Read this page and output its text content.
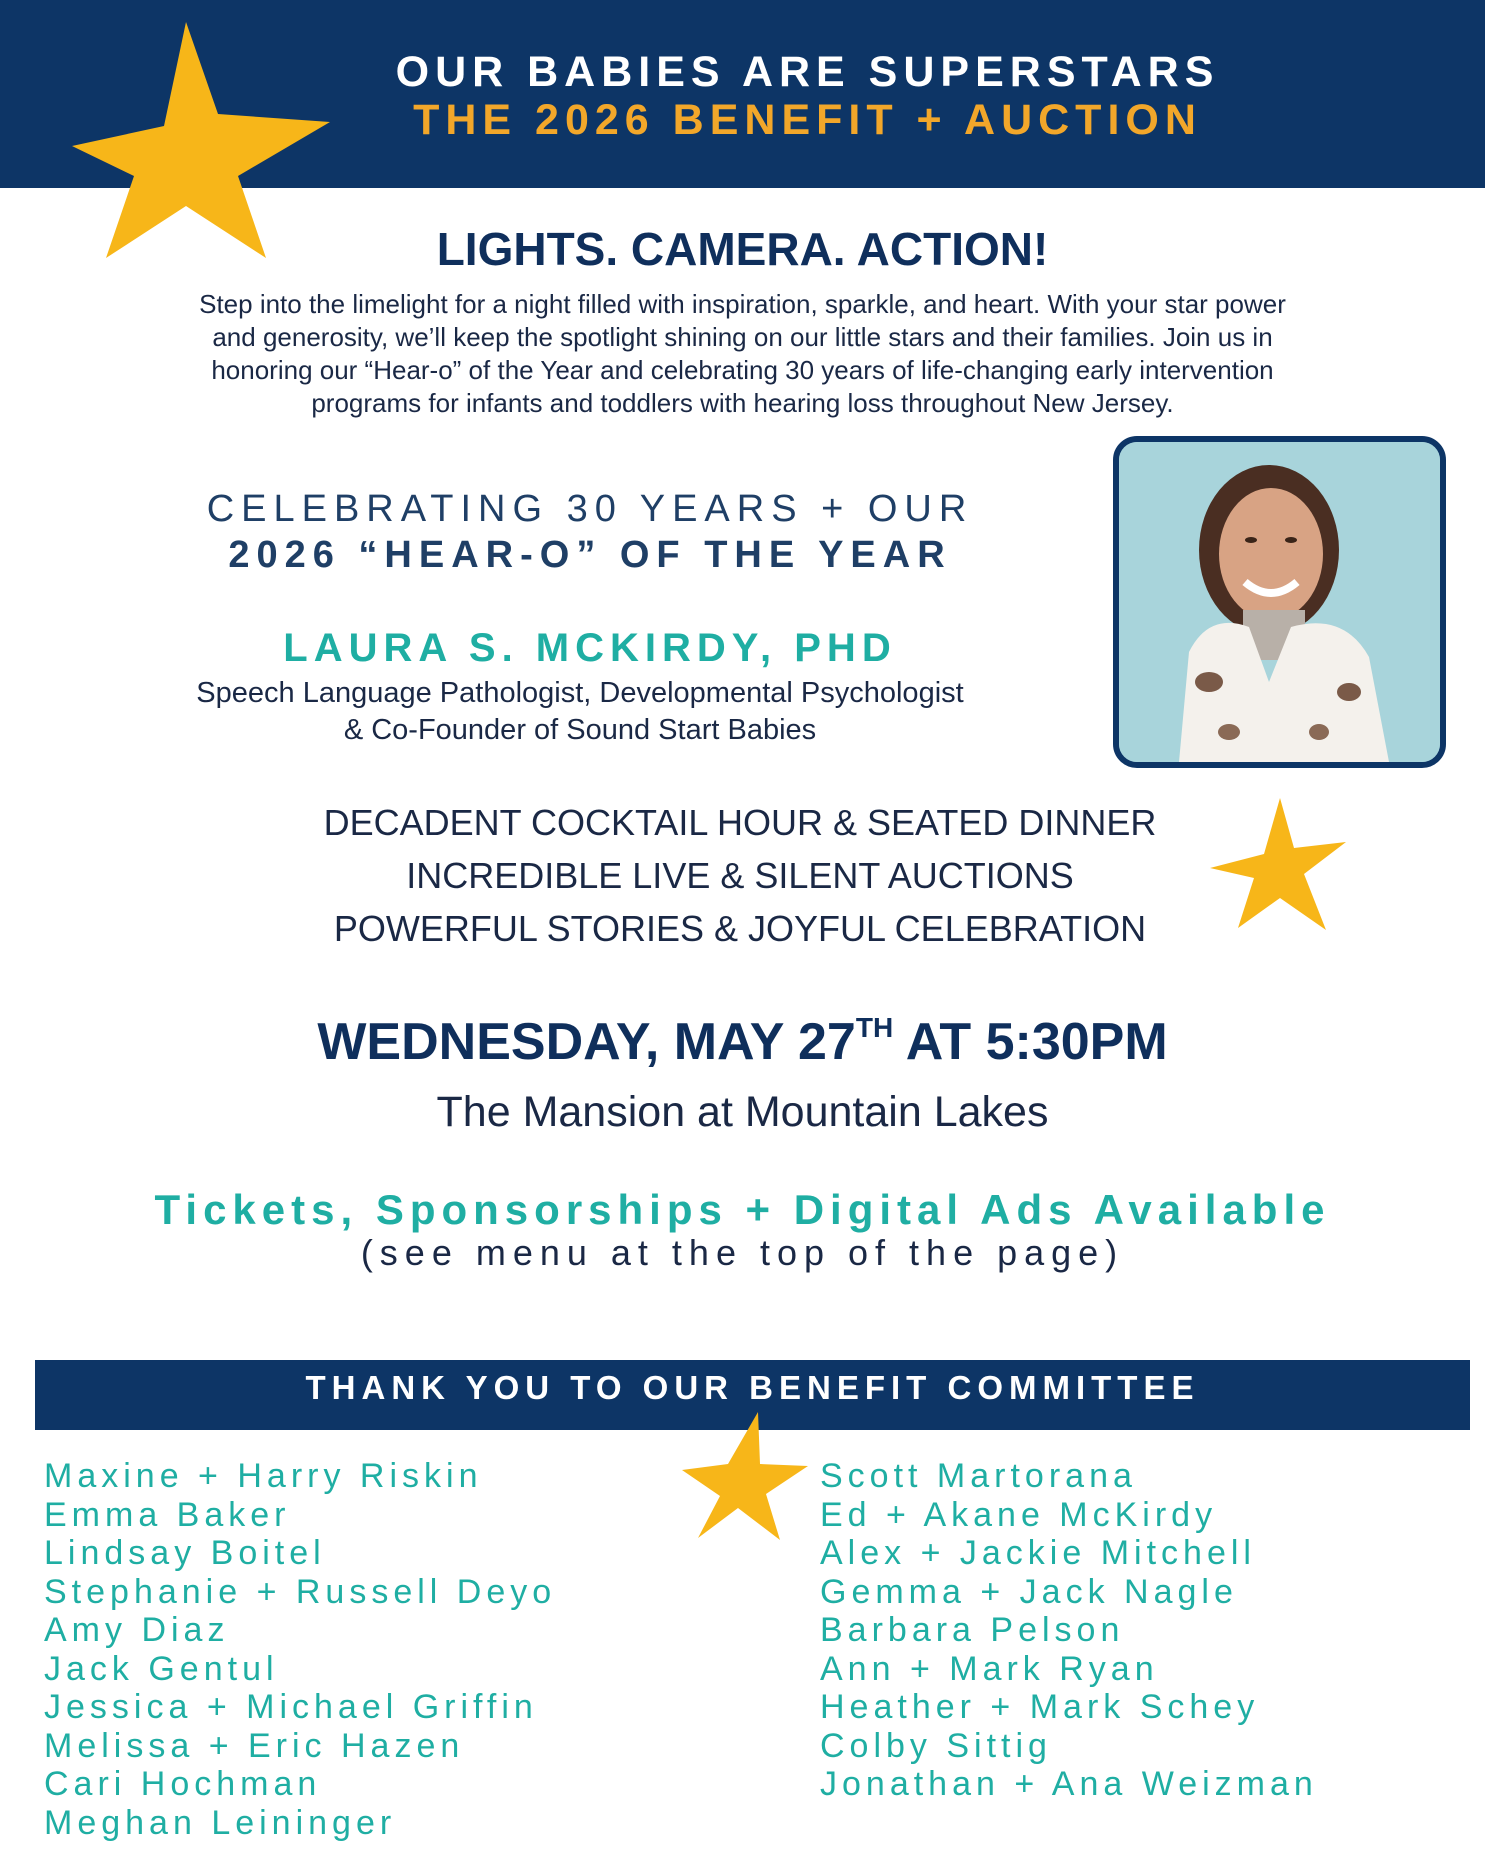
OUR BABIES ARE SUPERSTARS
THE 2026 BENEFIT + AUCTION
LIGHTS. CAMERA. ACTION!
Step into the limelight for a night filled with inspiration, sparkle, and heart. With your star power
and generosity, we’ll keep the spotlight shining on our little stars and their families. Join us in
honoring our “Hear-o” of the Year and celebrating 30 years of life-changing early intervention
programs for infants and toddlers with hearing loss throughout New Jersey.
CELEBRATING 30 YEARS + OUR
2026 “HEAR-O” OF THE YEAR
LAURA S. MCKIRDY, PHD
Speech Language Pathologist, Developmental Psychologist
& Co-Founder of Sound Start Babies
DECADENT COCKTAIL HOUR & SEATED DINNER
INCREDIBLE LIVE & SILENT AUCTIONS
POWERFUL STORIES & JOYFUL CELEBRATION
WEDNESDAY, MAY 27TH AT 5:30PM
The Mansion at Mountain Lakes
Tickets, Sponsorships + Digital Ads Available
(see menu at the top of the page)
THANK YOU TO OUR BENEFIT COMMITTEE
Maxine + Harry Riskin
Emma Baker
Lindsay Boitel
Stephanie + Russell Deyo
Amy Diaz
Jack Gentul
Jessica + Michael Griffin
Melissa + Eric Hazen
Cari Hochman
Meghan Leininger
Scott Martorana
Ed + Akane McKirdy
Alex + Jackie Mitchell
Gemma + Jack Nagle
Barbara Pelson
Ann + Mark Ryan
Heather + Mark Schey
Colby Sittig
Jonathan + Ana Weizman
